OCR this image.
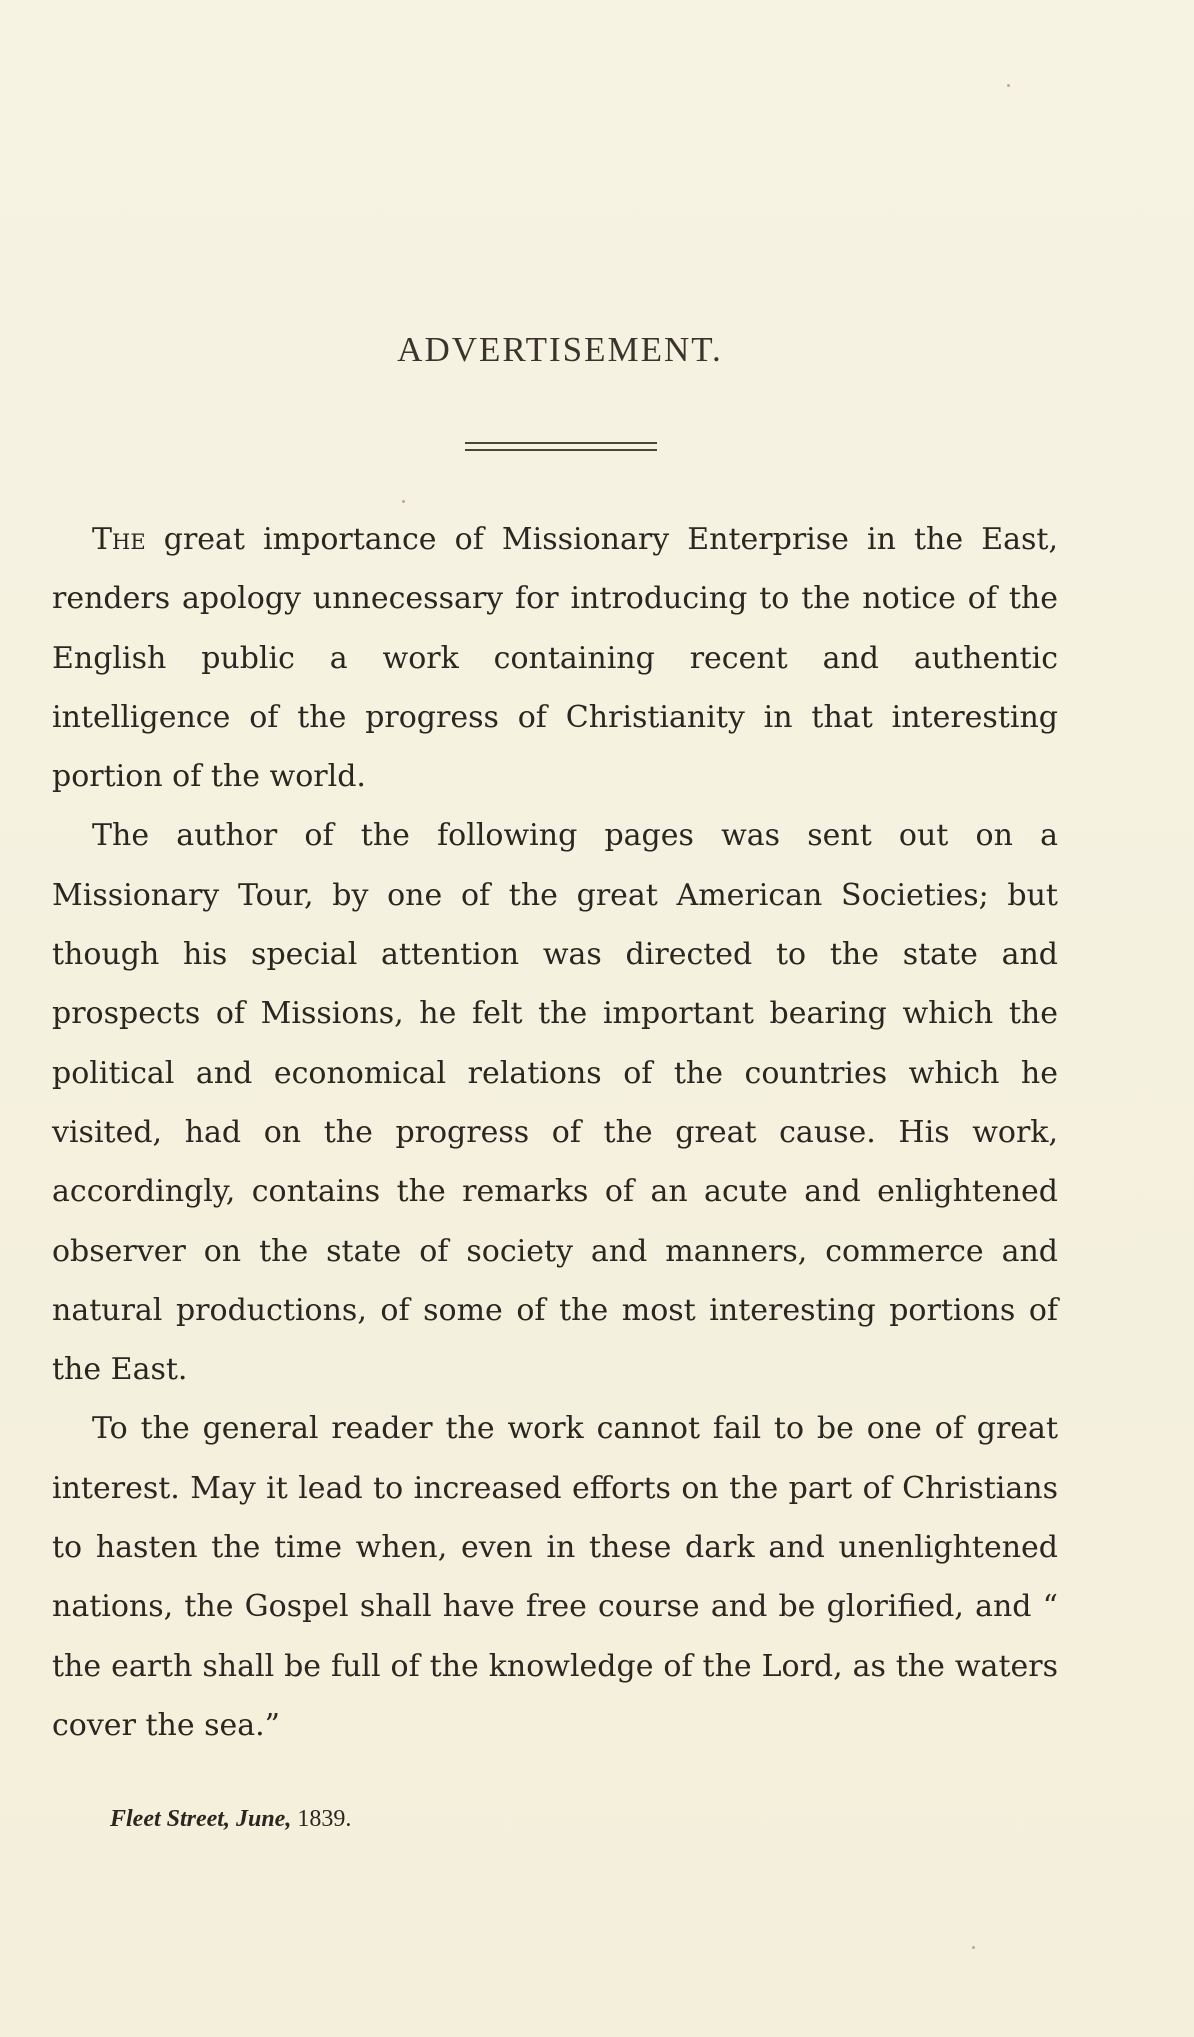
ADVERTISEMENT.

The great importance of Missionary Enterprise in the East, renders apology unnecessary for introducing to the notice of the English public a work containing recent and authentic intelligence of the progress of Christianity in that interesting portion of the world.

The author of the following pages was sent out on a Missionary Tour, by one of the great American Societies; but though his special attention was directed to the state and prospects of Missions, he felt the important bearing which the political and economical relations of the countries which he visited, had on the progress of the great cause. His work, accordingly, contains the remarks of an acute and enlightened observer on the state of society and manners, commerce and natural productions, of some of the most interesting portions of the East.

To the general reader the work cannot fail to be one of great interest. May it lead to increased efforts on the part of Christians to hasten the time when, even in these dark and unenlightened nations, the Gospel shall have free course and be glorified, and “ the earth shall be full of the knowledge of the Lord, as the waters cover the sea.”

Fleet Street, June, 1839.
